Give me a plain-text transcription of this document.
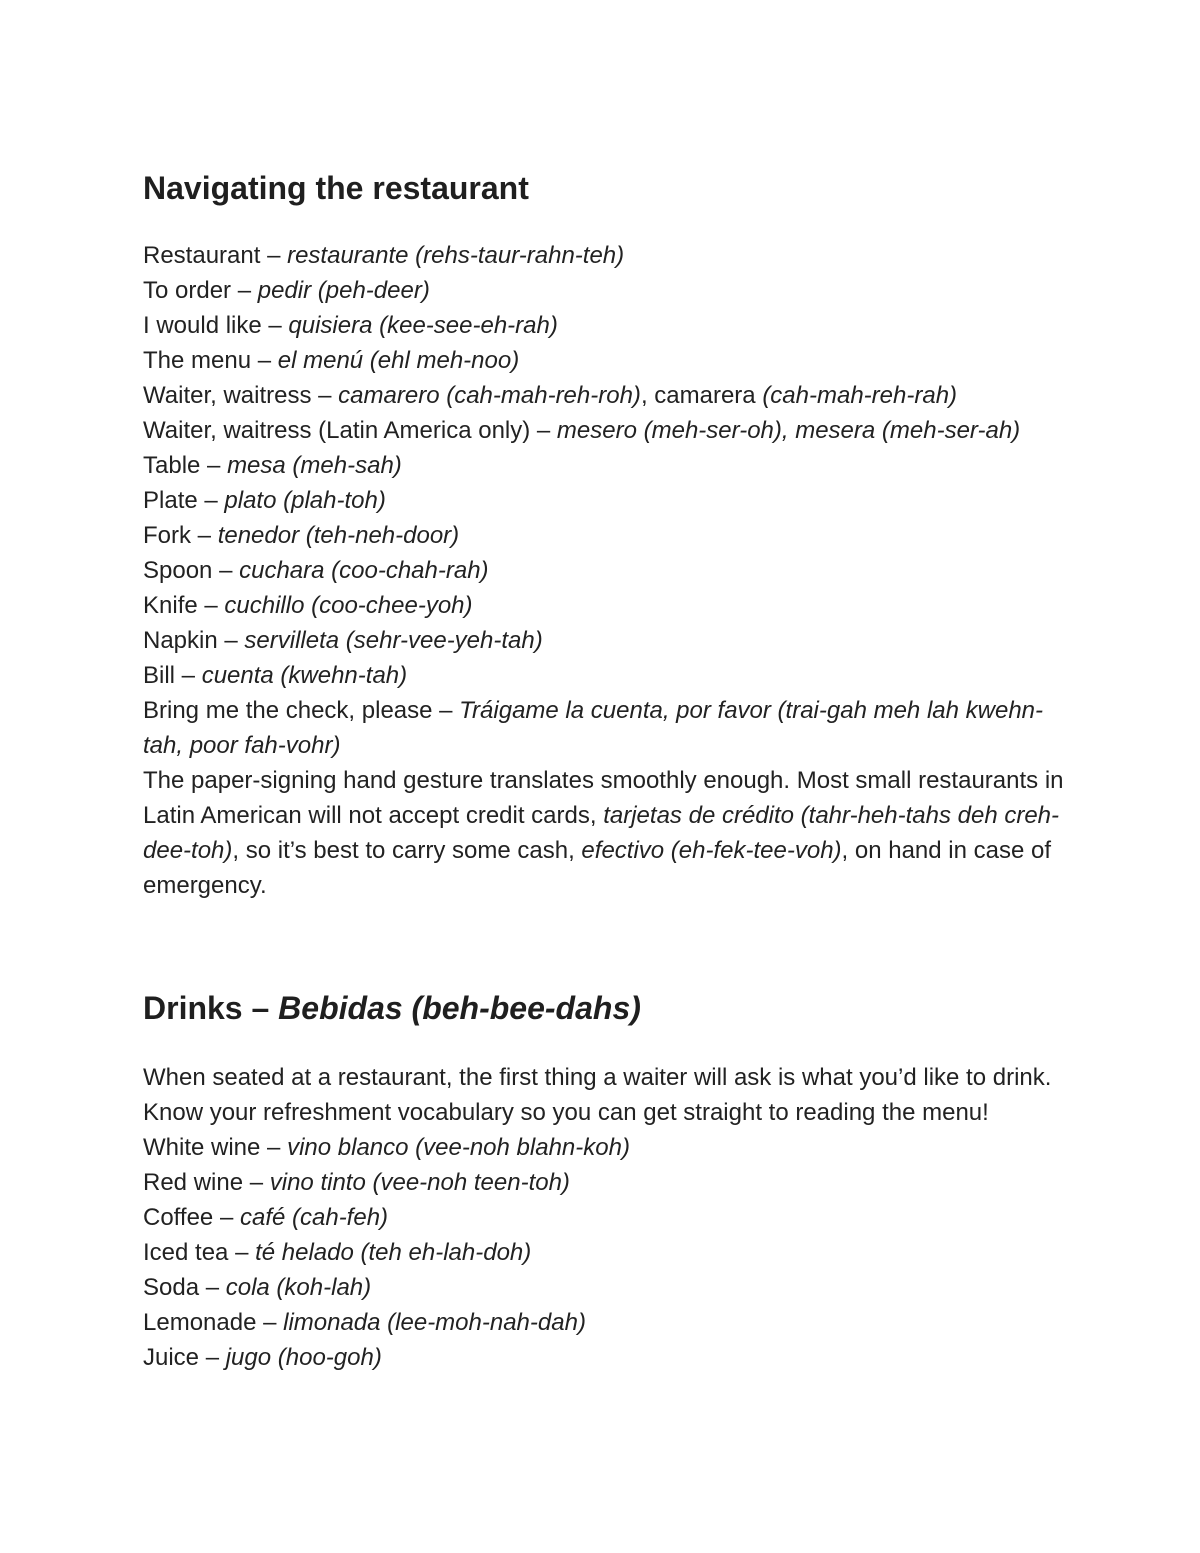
Navigating the restaurant
Restaurant – restaurante (rehs-taur-rahn-teh)
To order – pedir (peh-deer)
I would like – quisiera (kee-see-eh-rah)
The menu – el menú (ehl meh-noo)
Waiter, waitress – camarero (cah-mah-reh-roh), camarera (cah-mah-reh-rah)
Waiter, waitress (Latin America only) – mesero (meh-ser-oh), mesera (meh-ser-ah)
Table – mesa (meh-sah)
Plate – plato (plah-toh)
Fork – tenedor (teh-neh-door)
Spoon – cuchara (coo-chah-rah)
Knife – cuchillo (coo-chee-yoh)
Napkin – servilleta (sehr-vee-yeh-tah)
Bill – cuenta (kwehn-tah)
Bring me the check, please – Tráigame la cuenta, por favor (trai-gah meh lah kwehn-tah, poor fah-vohr)
The paper-signing hand gesture translates smoothly enough. Most small restaurants in Latin American will not accept credit cards, tarjetas de crédito (tahr-heh-tahs deh creh-dee-toh), so it’s best to carry some cash, efectivo (eh-fek-tee-voh), on hand in case of emergency.
Drinks – Bebidas (beh-bee-dahs)
When seated at a restaurant, the first thing a waiter will ask is what you’d like to drink. Know your refreshment vocabulary so you can get straight to reading the menu!
White wine – vino blanco (vee-noh blahn-koh)
Red wine – vino tinto (vee-noh teen-toh)
Coffee – café (cah-feh)
Iced tea – té helado (teh eh-lah-doh)
Soda – cola (koh-lah)
Lemonade – limonada (lee-moh-nah-dah)
Juice – jugo (hoo-goh)
